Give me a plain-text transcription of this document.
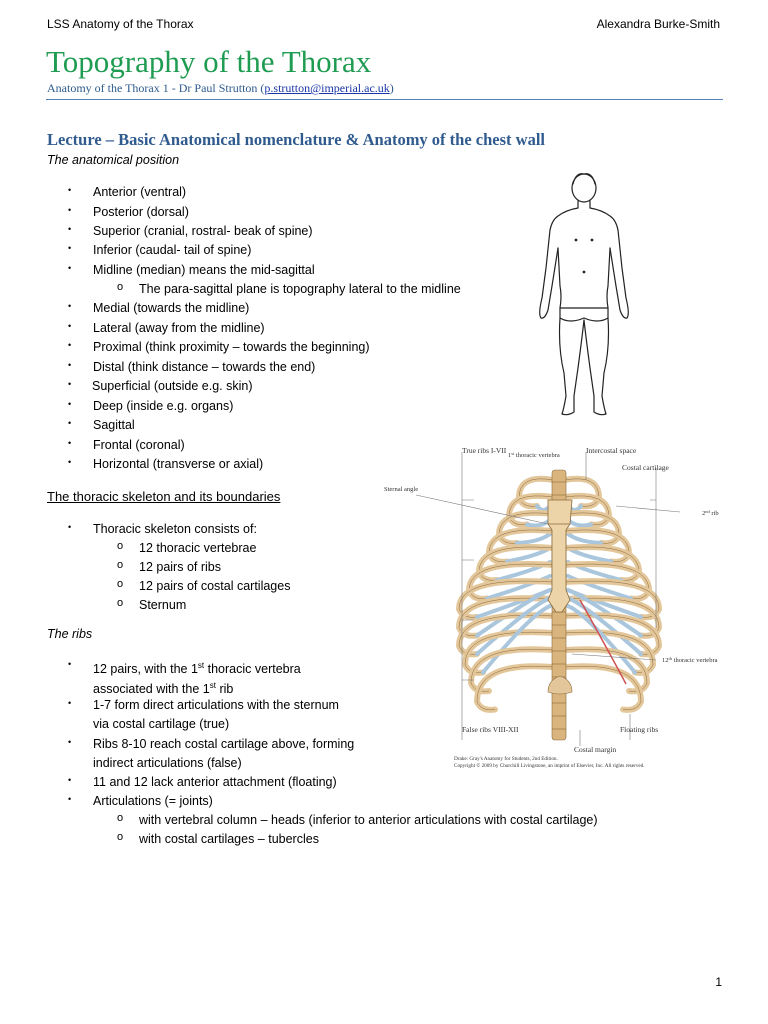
LSS Anatomy of the Thorax	Alexandra Burke-Smith
Topography of the Thorax
Anatomy of the Thorax 1 - Dr Paul Strutton (p.strutton@imperial.ac.uk)
Lecture – Basic Anatomical nomenclature & Anatomy of the chest wall
The anatomical position
• Anterior (ventral)
• Posterior (dorsal)
• Superior (cranial, rostral- beak of spine)
• Inferior (caudal- tail of spine)
• Midline (median) means the mid-sagittal
o The para-sagittal plane is topography lateral to the midline
• Medial (towards the midline)
• Lateral (away from the midline)
• Proximal (think proximity – towards the beginning)
• Distal (think distance – towards the end)
• Superficial (outside e.g. skin)
• Deep (inside e.g. organs)
• Sagittal
• Frontal (coronal)
• Horizontal (transverse or axial)
The thoracic skeleton and its boundaries
• Thoracic skeleton consists of:
o 12 thoracic vertebrae
o 12 pairs of ribs
o 12 pairs of costal cartilages
o Sternum
The ribs
• 12 pairs, with the 1st thoracic vertebra
associated with the 1st rib
• 1-7 form direct articulations with the sternum
via costal cartilage (true)
• Ribs 8-10 reach costal cartilage above, forming
indirect articulations (false)
• 11 and 12 lack anterior attachment (floating)
• Articulations (= joints)
o with vertebral column – heads (inferior to anterior articulations with costal cartilage)
o with costal cartilages – tubercles
True ribs I-VII
1st thoracic vertebra
Intercostal space
Costal cartilage
Sternal angle
2nd rib
12th thoracic vertebra
False ribs VIII-XII	Floating ribs
Costal margin
Drake: Gray's Anatomy for Students, 2nd Edition.
Copyright © 2009 by Churchill Livingstone, an imprint of Elsevier, Inc. All rights reserved.
1
